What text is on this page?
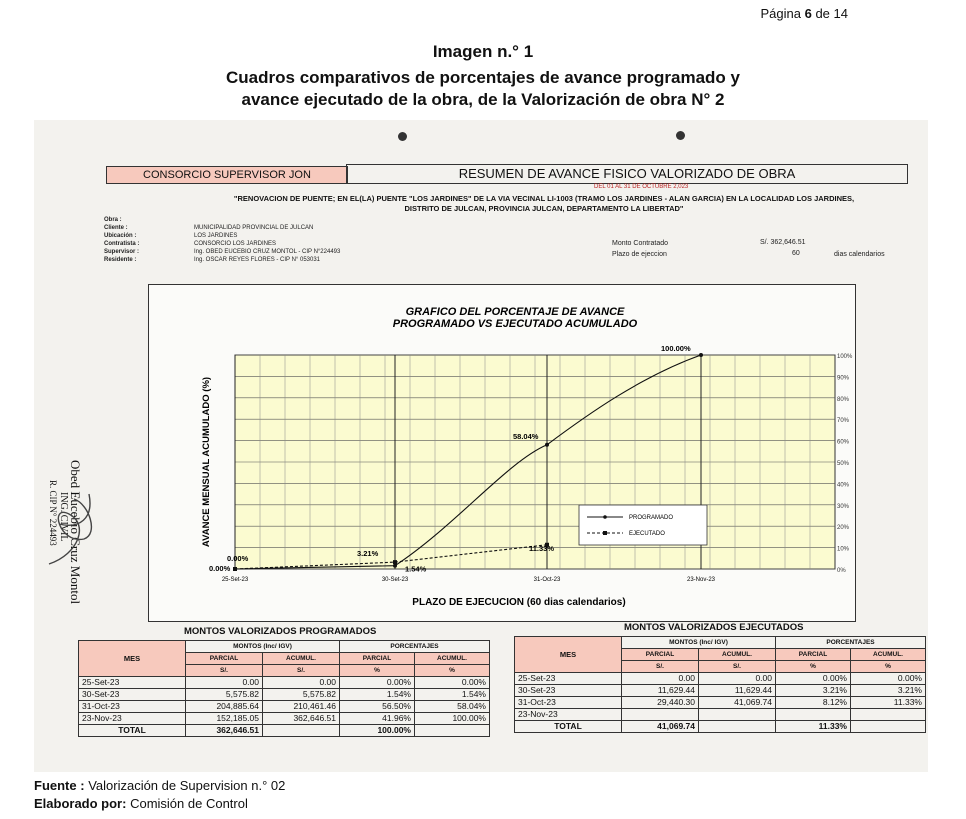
Página 6 de 14
Imagen n.° 1
Cuadros comparativos de porcentajes de avance programado y
avance ejecutado de la obra, de la Valorización de obra N° 2
CONSORCIO SUPERVISOR JON	RESUMEN DE AVANCE FISICO VALORIZADO DE OBRA
DEL 01 AL 31 DE OCTUBRE 2,023
"RENOVACION DE PUENTE; EN EL(LA) PUENTE "LOS JARDINES" DE LA VIA VECINAL LI-1003 (TRAMO LOS JARDINES - ALAN GARCIA) EN LA LOCALIDAD LOS JARDINES,
DISTRITO DE JULCAN, PROVINCIA JULCAN, DEPARTAMENTO LA LIBERTAD"
Obra :
Cliente :	MUNICIPALIDAD PROVINCIAL DE JULCAN
Ubicación :	LOS JARDINES
Contratista :	CONSORCIO LOS JARDINES
Supervisor :	Ing. OBED EUCEBIO CRUZ MONTOL - CIP N°224493
Residente :	Ing. OSCAR REYES FLORES - CIP N° 053031
Monto Contratado	S/. 362,646.51
Plazo de ejeccion	60	dias calendarios
0%
10%
20%
30%
40%
50%
60%
70%
80%
90%
100%
25-Set-23	30-Set-23	31-Oct-23	23-Nov-23
0.00%	1.54%
58.04%
100.00%
0.00%
3.21%
11.33%
PROGRAMADO
EJECUTADO
AVANCE MENSUAL ACUMULADO (%)
PLAZO DE EJECUCION (60 dias calendarios)
GRAFICO DEL PORCENTAJE DE AVANCE
PROGRAMADO VS EJECUTADO ACUMULADO
MONTOS VALORIZADOS PROGRAMADOS
MES	MONTOS (Inc/ IGV)		PORCENTAJES	
	PARCIAL	ACUMUL.	PARCIAL	ACUMUL.
	S/.	S/.	%	%
25-Set-23	0.00	0.00	0.00%	0.00%
30-Set-23	5,575.82	5,575.82	1.54%	1.54%
31-Oct-23	204,885.64	210,461.46	56.50%	58.04%
23-Nov-23	152,185.05	362,646.51	41.96%	100.00%
TOTAL	362,646.51		100.00%	
MONTOS VALORIZADOS EJECUTADOS
MES	MONTOS (Inc/ IGV)		PORCENTAJES	
	PARCIAL	ACUMUL.	PARCIAL	ACUMUL.
	S/.	S/.	%	%
25-Set-23	0.00	0.00	0.00%	0.00%
30-Set-23	11,629.44	11,629.44	3.21%	3.21%
31-Oct-23	29,440.30	41,069.74	8.12%	11.33%
23-Nov-23				
TOTAL	41,069.74		11.33%	
Obed Eucebio Cruz Montol
ING. CIVIL
R. CIP N° 224493
Fuente : Valorización de Supervision n.° 02
Elaborado por: Comisión de Control
